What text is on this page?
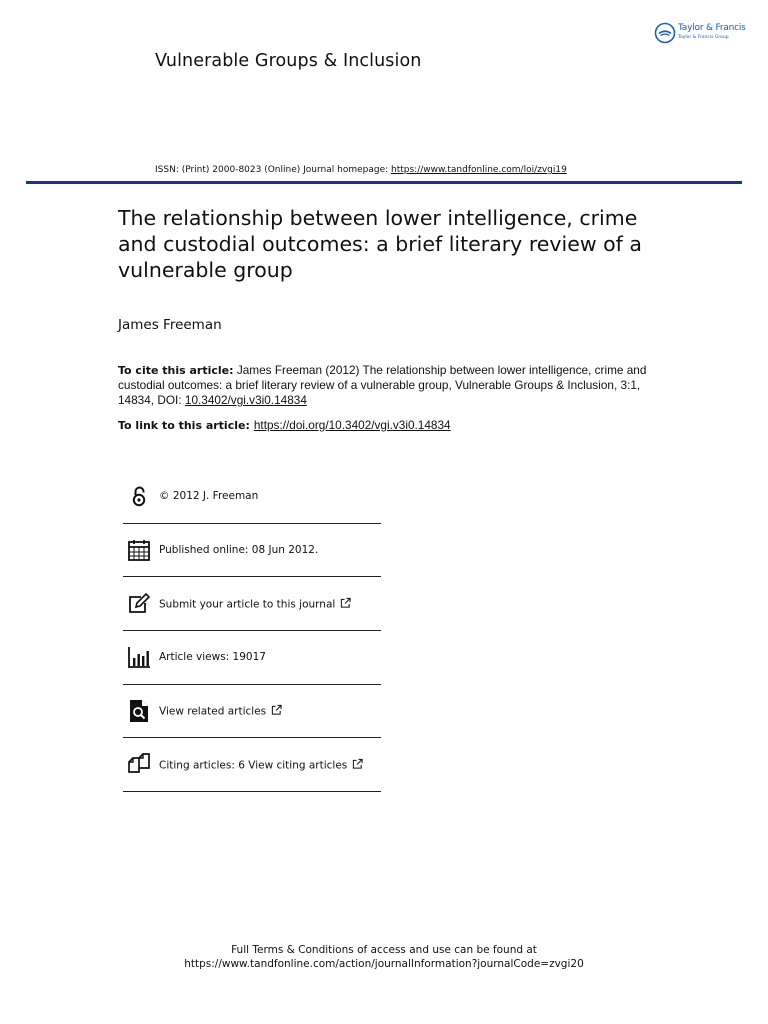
Taylor & Francis
Taylor & Francis Group
Vulnerable Groups & Inclusion
ISSN: (Print) 2000-8023 (Online) Journal homepage: https://www.tandfonline.com/loi/zvgi19
The relationship between lower intelligence, crime and custodial outcomes: a brief literary review of a vulnerable group
James Freeman
To cite this article: James Freeman (2012) The relationship between lower intelligence, crime and custodial outcomes: a brief literary review of a vulnerable group, Vulnerable Groups & Inclusion, 3:1, 14834, DOI: 10.3402/vgi.v3i0.14834
To link to this article: https://doi.org/10.3402/vgi.v3i0.14834
© 2012 J. Freeman
Published online: 08 Jun 2012.
Submit your article to this journal
Article views: 19017
View related articles
Citing articles: 6 View citing articles
Full Terms & Conditions of access and use can be found at
https://www.tandfonline.com/action/journalInformation?journalCode=zvgi20
